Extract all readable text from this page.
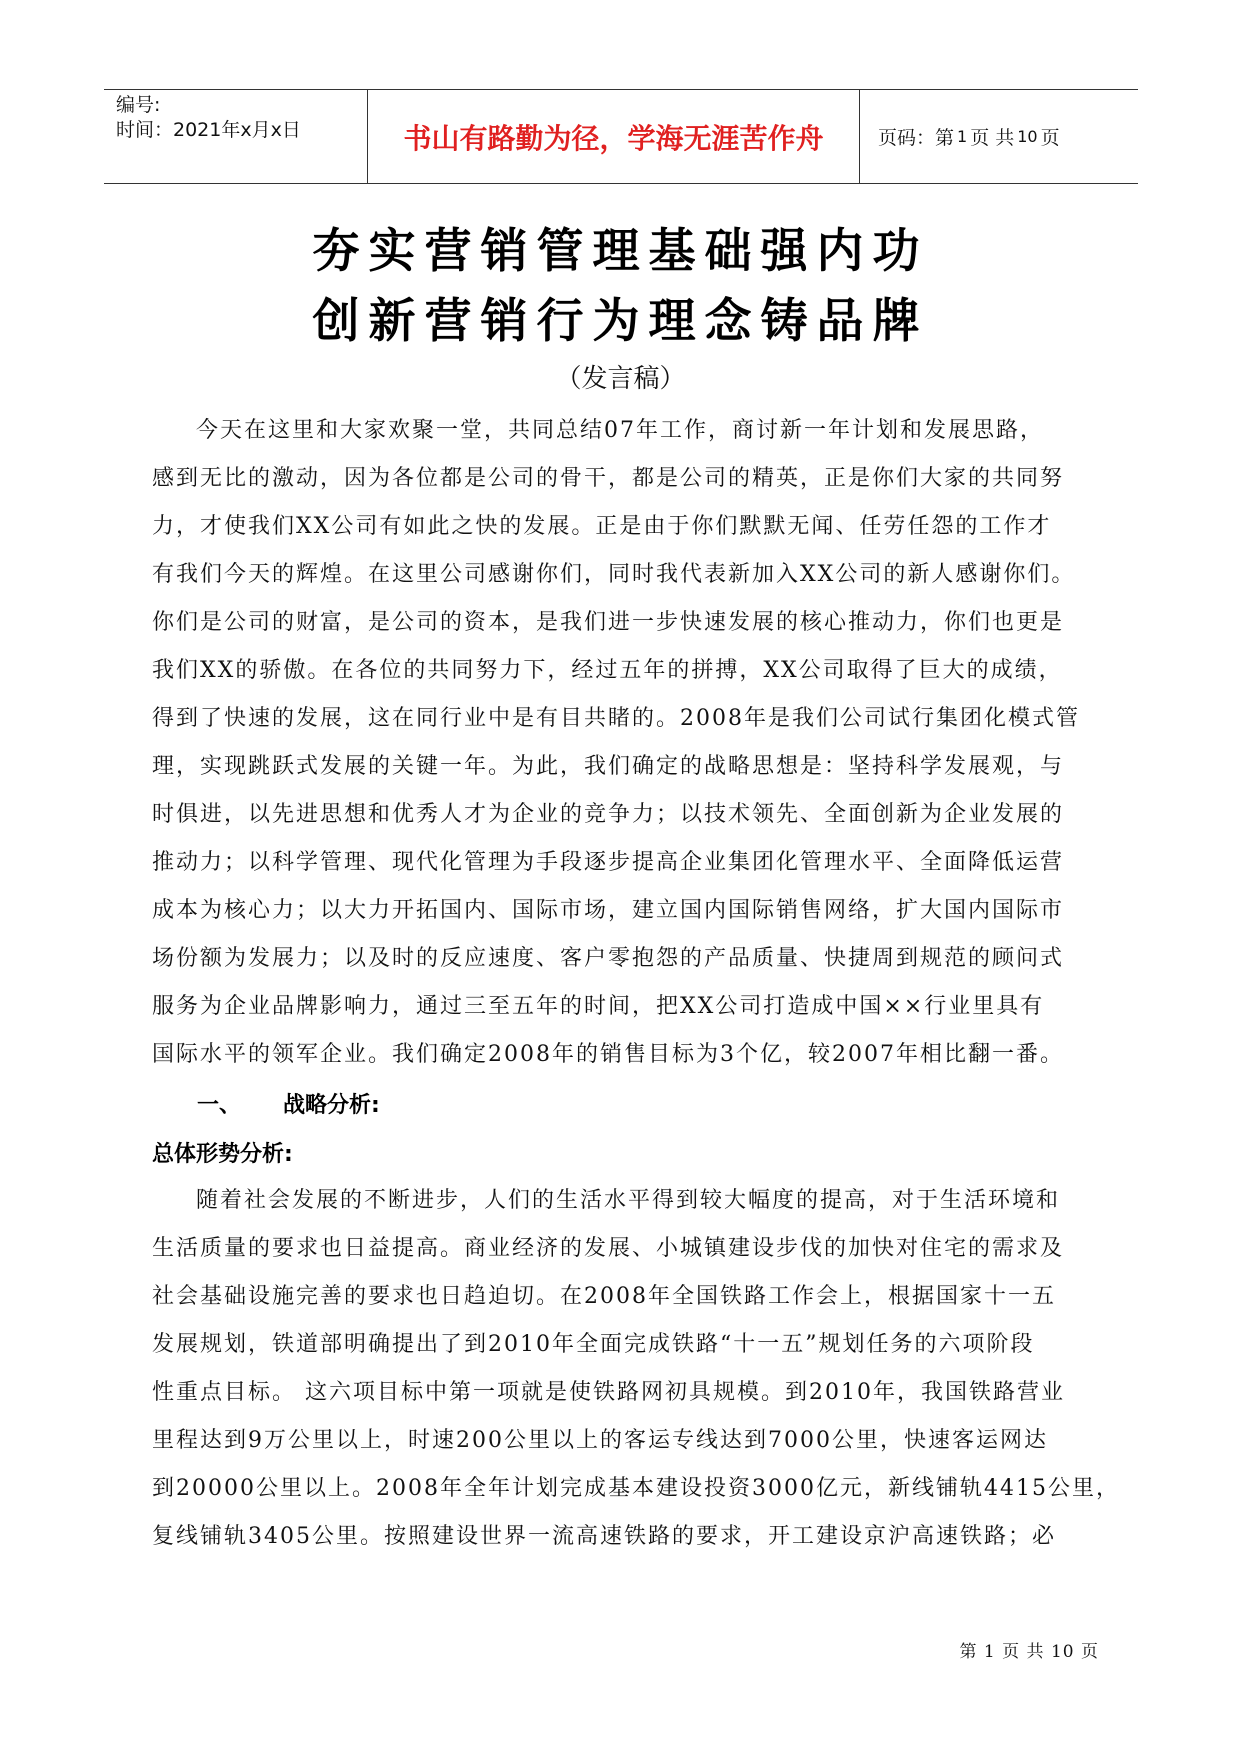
编号:
时间：2021年x月x日	书山有路勤为径，学海无涯苦作舟	页码：第 1 页 共 10 页
夯实营销管理基础强内功
创新营销行为理念铸品牌
（发言稿）
今天在这里和大家欢聚一堂，共同总结07年工作，商讨新一年计划和发展思路，
感到无比的激动，因为各位都是公司的骨干，都是公司的精英，正是你们大家的共同努
力，才使我们XX公司有如此之快的发展。正是由于你们默默无闻、任劳任怨的工作才
有我们今天的辉煌。在这里公司感谢你们，同时我代表新加入XX公司的新人感谢你们。
你们是公司的财富，是公司的资本，是我们进一步快速发展的核心推动力，你们也更是
我们XX的骄傲。在各位的共同努力下，经过五年的拼搏，XX公司取得了巨大的成绩，
得到了快速的发展，这在同行业中是有目共睹的。2008年是我们公司试行集团化模式管
理，实现跳跃式发展的关键一年。为此，我们确定的战略思想是：坚持科学发展观，与
时俱进，以先进思想和优秀人才为企业的竞争力；以技术领先、全面创新为企业发展的
推动力；以科学管理、现代化管理为手段逐步提高企业集团化管理水平、全面降低运营
成本为核心力；以大力开拓国内、国际市场，建立国内国际销售网络，扩大国内国际市
场份额为发展力；以及时的反应速度、客户零抱怨的产品质量、快捷周到规范的顾问式
服务为企业品牌影响力，通过三至五年的时间，把XX公司打造成中国××行业里具有
国际水平的领军企业。我们确定2008年的销售目标为3个亿，较2007年相比翻一番。
一、 战略分析:
总体形势分析:
随着社会发展的不断进步，人们的生活水平得到较大幅度的提高，对于生活环境和
生活质量的要求也日益提高。商业经济的发展、小城镇建设步伐的加快对住宅的需求及
社会基础设施完善的要求也日趋迫切。在2008年全国铁路工作会上，根据国家十一五
发展规划，铁道部明确提出了到2010年全面完成铁路“十一五”规划任务的六项阶段
性重点目标。 这六项目标中第一项就是使铁路网初具规模。到2010年，我国铁路营业
里程达到9万公里以上，时速200公里以上的客运专线达到7000公里，快速客运网达
到20000公里以上。2008年全年计划完成基本建设投资3000亿元，新线铺轨4415公里，
复线铺轨3405公里。按照建设世界一流高速铁路的要求，开工建设京沪高速铁路；必
第 1 页 共 10 页
